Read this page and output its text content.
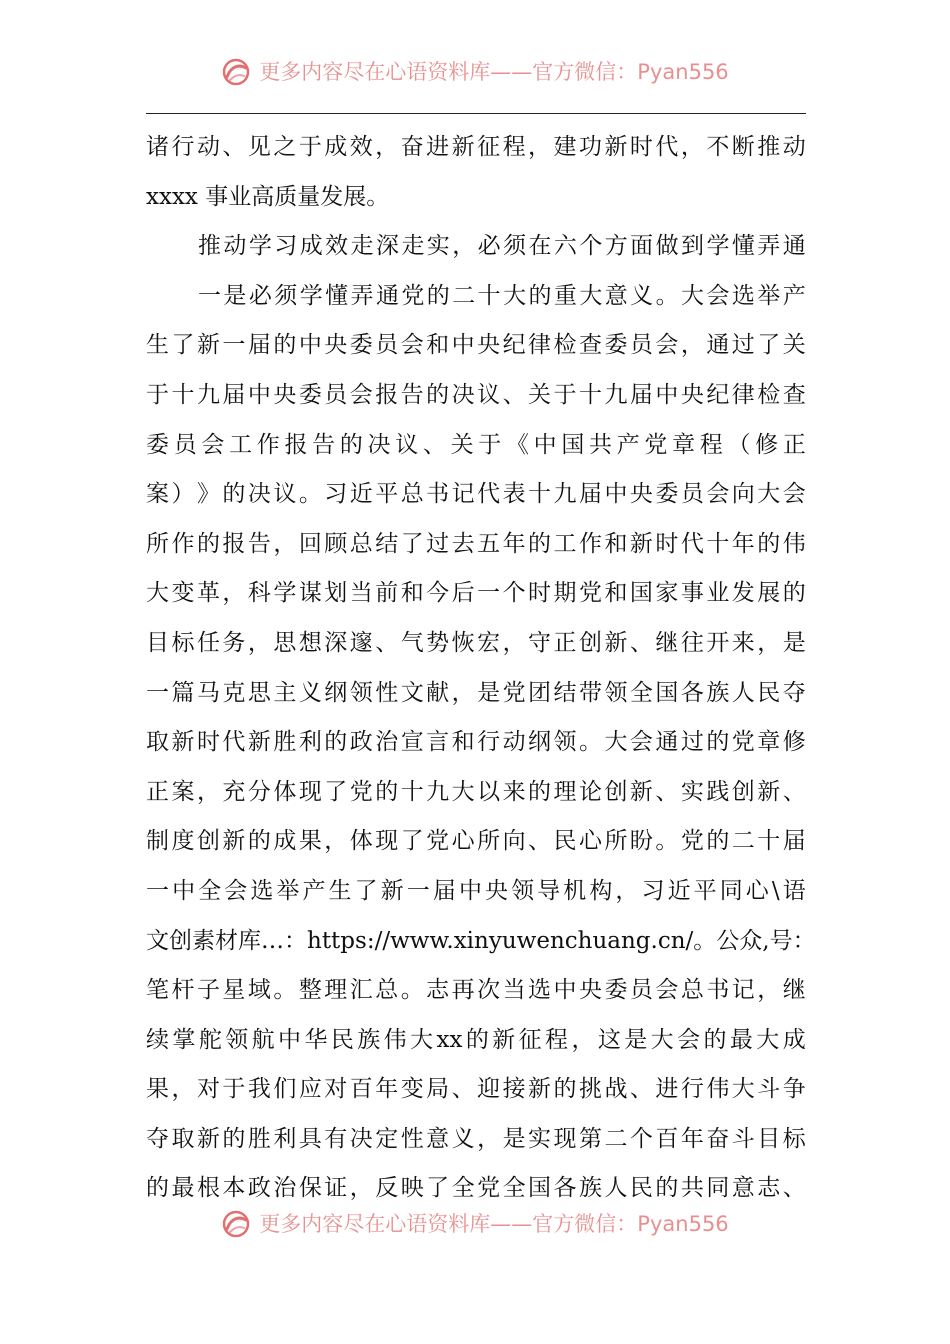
更多内容尽在心语资料库——官方微信：Pyan556
诸 行 动 、 见 之 于 成 效 ， 奋 进 新 征 程 ， 建 功 新 时 代 ， 不 断 推 动
xxxx 事业高质量发展。
推 动 学 习 成 效 走 深 走 实 ， 必 须 在 六 个 方 面 做 到 学 懂 弄 通
一 是 必 须 学 懂 弄 通 党 的 二 十 大 的 重 大 意 义 。 大 会 选 举 产
生 了 新 一 届 的 中 央 委 员 会 和 中 央 纪 律 检 查 委 员 会 ， 通 过 了 关
于 十 九 届 中 央 委 员 会 报 告 的 决 议 、 关 于 十 九 届 中 央 纪 律 检 查
委 员 会 工 作 报 告 的 决 议 、 关 于 《 中 国 共 产 党 章 程 （ 修 正
案 ） 》 的 决 议 。 习 近 平 总 书 记 代 表 十 九 届 中 央 委 员 会 向 大 会
所 作 的 报 告 ， 回 顾 总 结 了 过 去 五 年 的 工 作 和 新 时 代 十 年 的 伟
大 变 革 ， 科 学 谋 划 当 前 和 今 后 一 个 时 期 党 和 国 家 事 业 发 展 的
目 标 任 务 ， 思 想 深 邃 、 气 势 恢 宏 ， 守 正 创 新 、 继 往 开 来 ， 是
一 篇 马 克 思 主 义 纲 领 性 文 献 ， 是 党 团 结 带 领 全 国 各 族 人 民 夺
取 新 时 代 新 胜 利 的 政 治 宣 言 和 行 动 纲 领 。 大 会 通 过 的 党 章 修
正 案 ， 充 分 体 现 了 党 的 十 九 大 以 来 的 理 论 创 新 、 实 践 创 新 、
制 度 创 新 的 成 果 ， 体 现 了 党 心 所 向 、 民 心 所 盼 。 党 的 二 十 届
一 中 全 会 选 举 产 生 了 新 一 届 中 央 领 导 机 构 ， 习 近 平 同 心 \ 语
文 创 素 材 库 … ： https://www.xinyuwenchuang.cn/ 。 公 众 , 号 ：
笔 杆 子 星 域 。 整 理 汇 总 。 志 再 次 当 选 中 央 委 员 会 总 书 记 ， 继
续 掌 舵 领 航 中 华 民 族 伟 大 xx 的 新 征 程 ， 这 是 大 会 的 最 大 成
果 ， 对 于 我 们 应 对 百 年 变 局 、 迎 接 新 的 挑 战 、 进 行 伟 大 斗 争
夺 取 新 的 胜 利 具 有 决 定 性 意 义 ， 是 实 现 第 二 个 百 年 奋 斗 目 标
的 最 根 本 政 治 保 证 ， 反 映 了 全 党 全 国 各 族 人 民 的 共 同 意 志 、
更多内容尽在心语资料库——官方微信：Pyan556
